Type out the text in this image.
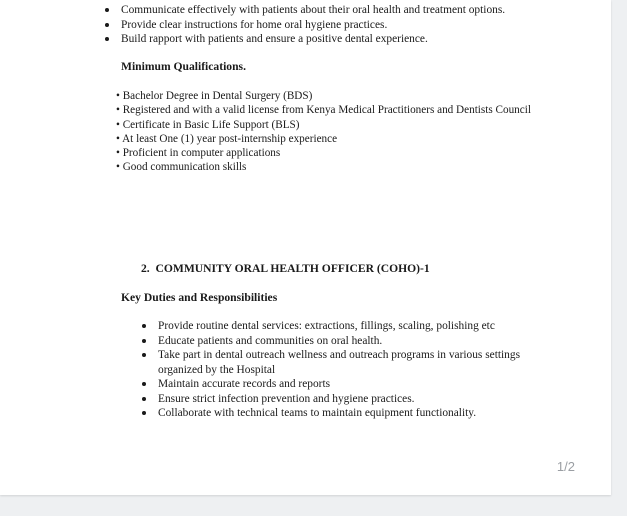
Communicate effectively with patients about their oral health and treatment options.
Provide clear instructions for home oral hygiene practices.
Build rapport with patients and ensure a positive dental experience.
Minimum Qualifications.
• Bachelor Degree in Dental Surgery (BDS)
• Registered and with a valid license from Kenya Medical Practitioners and Dentists Council
• Certificate in Basic Life Support (BLS)
• At least One (1) year post-internship experience
• Proficient in computer applications
• Good communication skills
2.  COMMUNITY ORAL HEALTH OFFICER (COHO)-1
Key Duties and Responsibilities
Provide routine dental services: extractions, fillings, scaling, polishing etc
Educate patients and communities on oral health.
Take part in dental outreach wellness and outreach programs in various settings organized by the Hospital
Maintain accurate records and reports
Ensure strict infection prevention and hygiene practices.
Collaborate with technical teams to maintain equipment functionality.
1/2
